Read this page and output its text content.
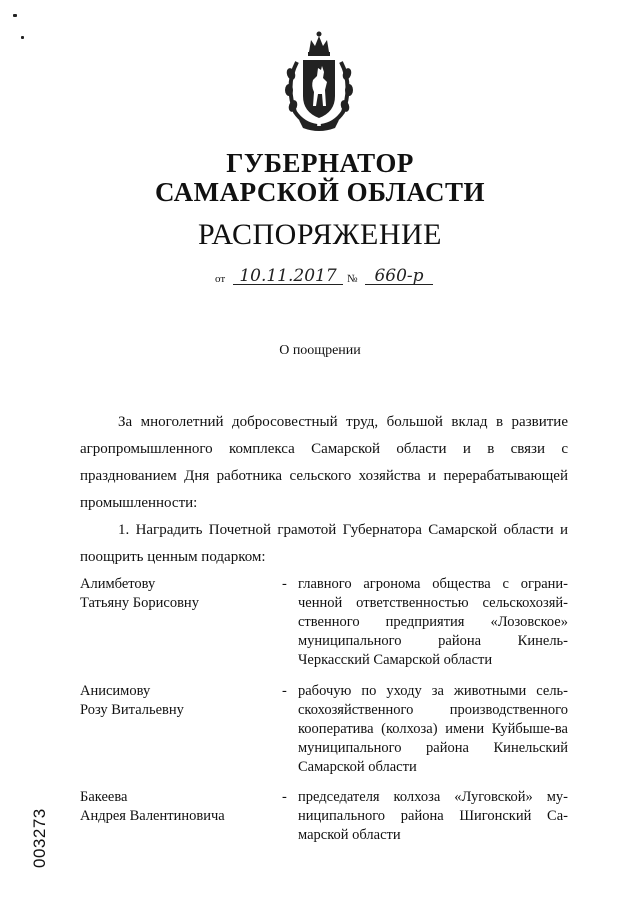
ГУБЕРНАТОР
САМАРСКОЙ ОБЛАСТИ
РАСПОРЯЖЕНИЕ
от 10.11.2017 № 660-р
О поощрении
За многолетний добросовестный труд, большой вклад в развитие агропромышленного комплекса Самарской области и в связи с празднованием Дня работника сельского хозяйства и перерабатывающей промышленности:
1. Наградить Почетной грамотой Губернатора Самарской области и поощрить ценным подарком:
Алимбетову
Татьяну Борисовну
- главного агронома общества с ограни-ченной ответственностью сельскохозяй-ственного предприятия «Лозовское» муниципального района Кинель-Черкасский Самарской области
Анисимову
Розу Витальевну
- рабочую по уходу за животными сель-скохозяйственного производственного кооператива (колхоза) имени Куйбыше-ва муниципального района Кинельский Самарской области
Бакеева
Андрея Валентиновича
- председателя колхоза «Луговской» му-ниципального района Шигонский Са-марской области
003273
